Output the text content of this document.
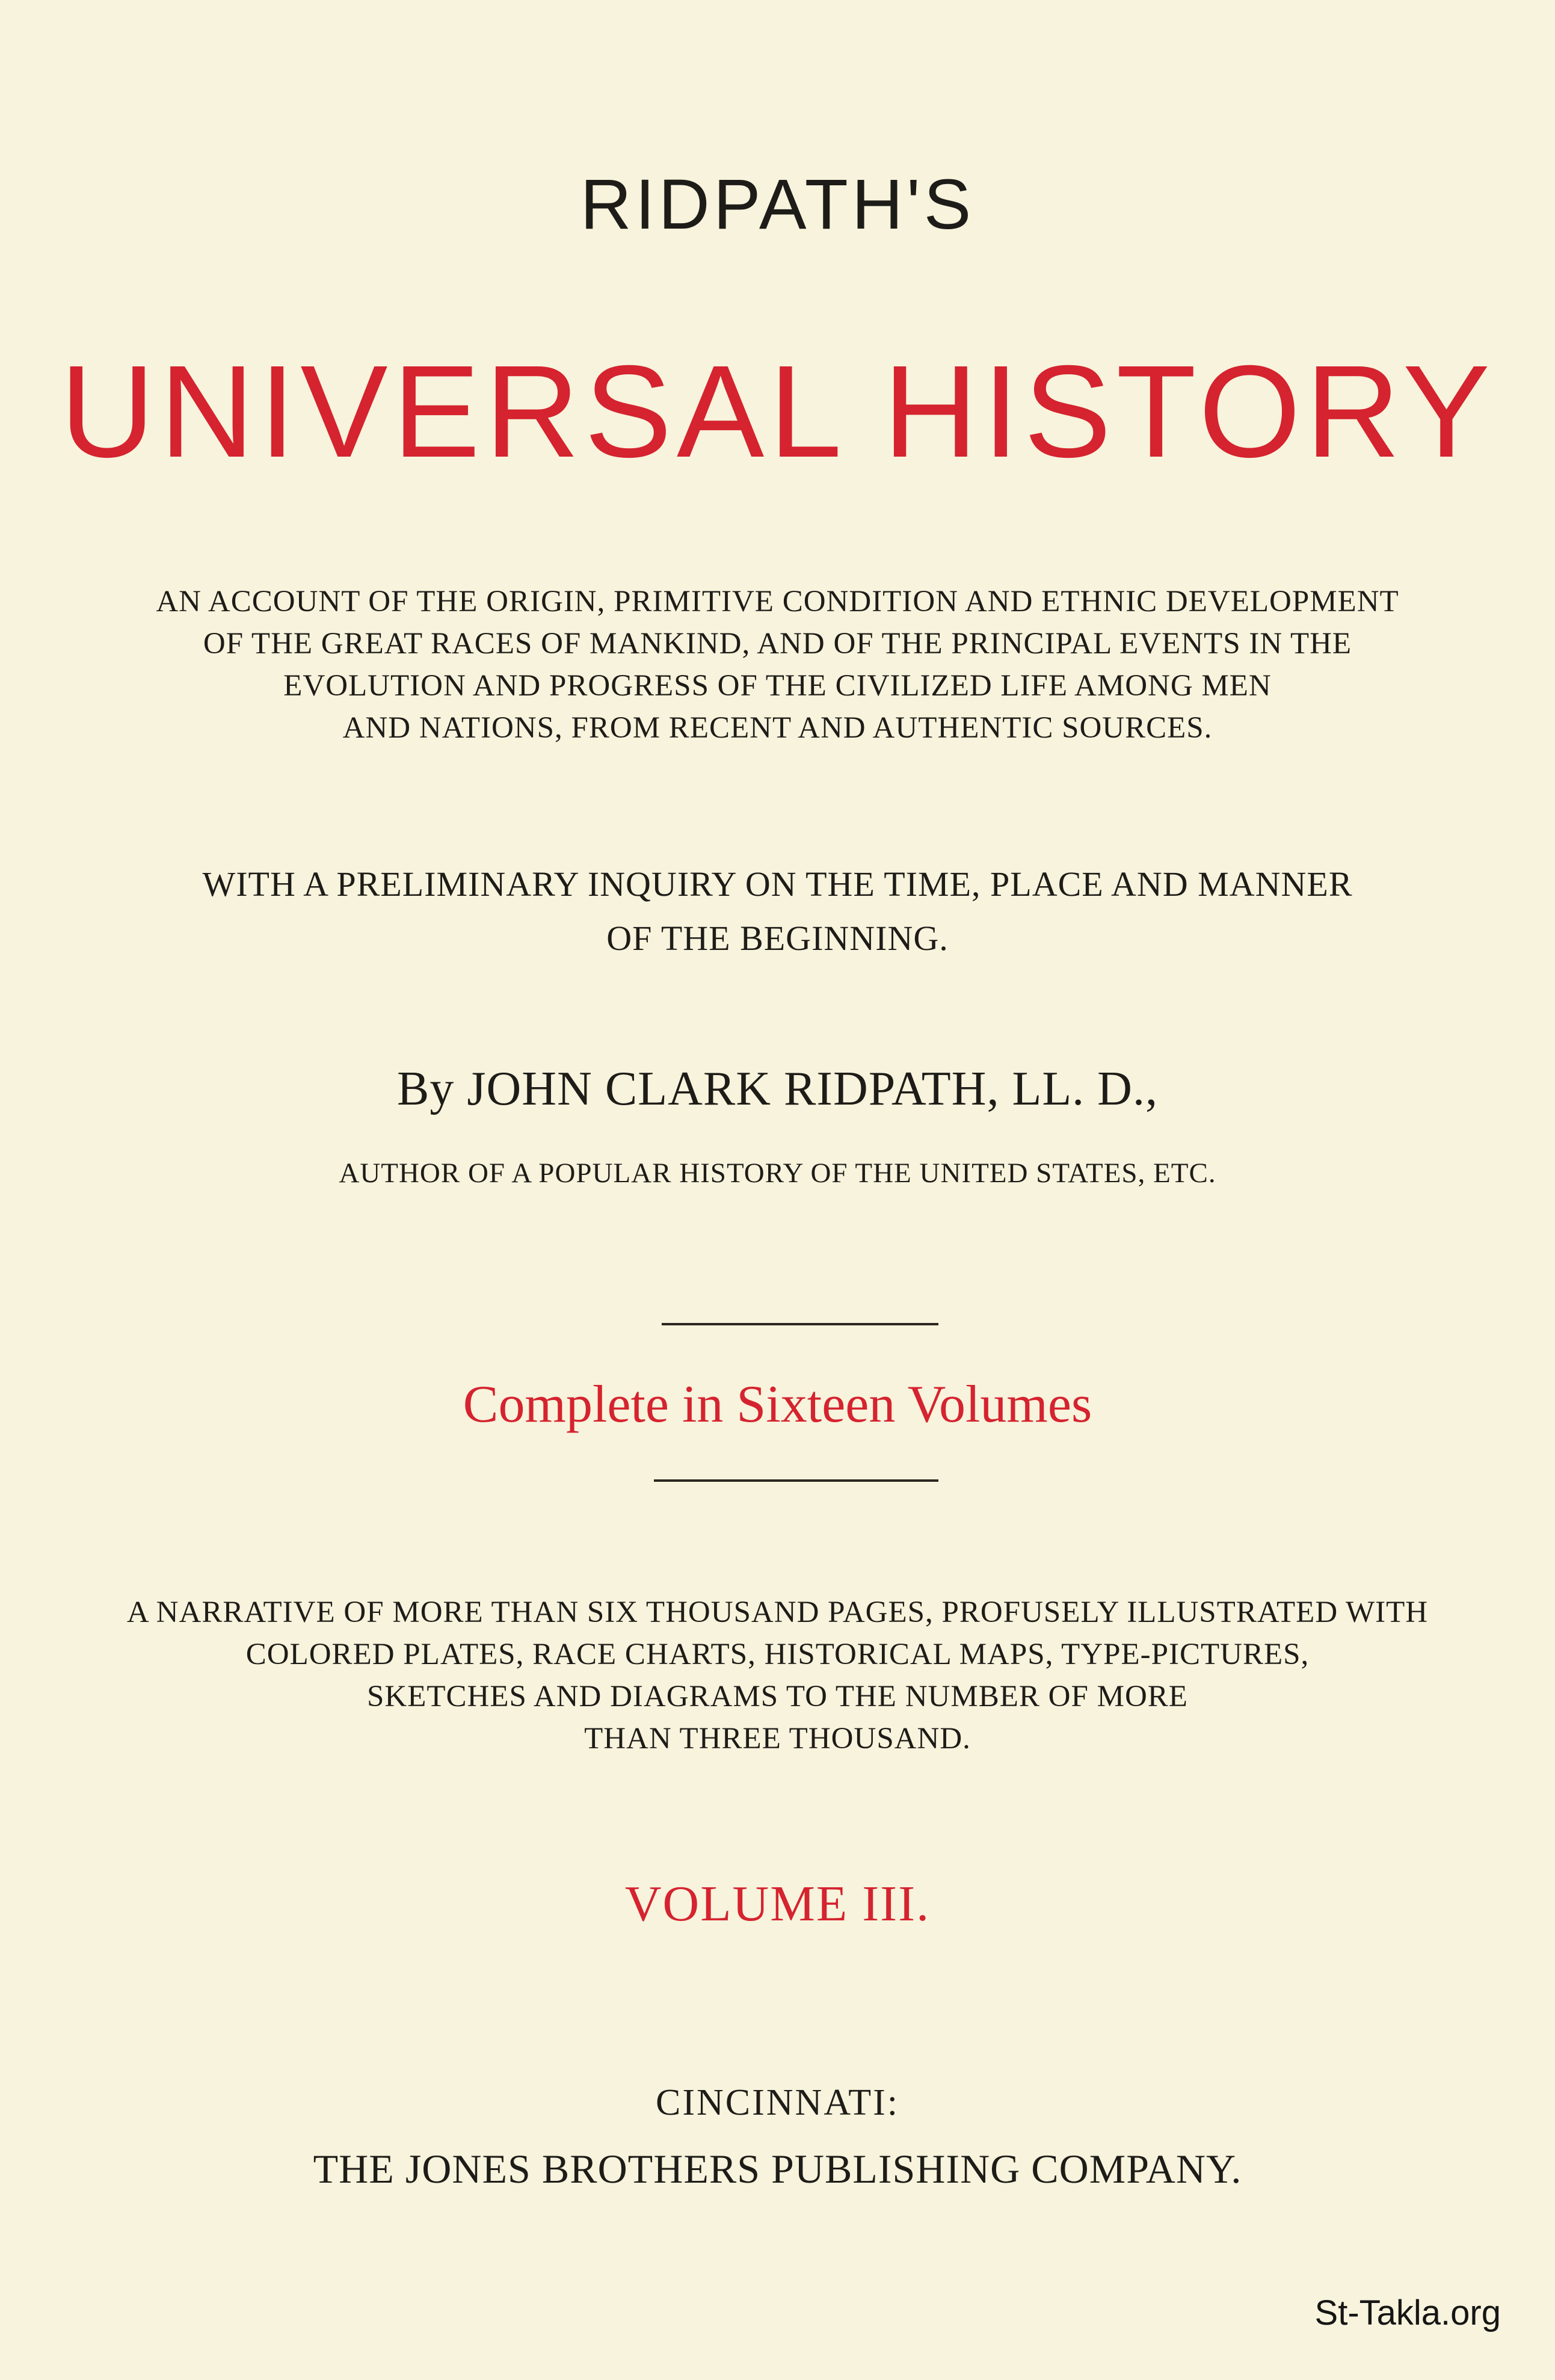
RIDPATH'S
UNIVERSAL HISTORY
AN ACCOUNT OF THE ORIGIN, PRIMITIVE CONDITION AND ETHNIC DEVELOPMENT
OF THE GREAT RACES OF MANKIND, AND OF THE PRINCIPAL EVENTS IN THE
EVOLUTION AND PROGRESS OF THE CIVILIZED LIFE AMONG MEN
AND NATIONS, FROM RECENT AND AUTHENTIC SOURCES.
WITH A PRELIMINARY INQUIRY ON THE TIME, PLACE AND MANNER
OF THE BEGINNING.
By JOHN CLARK RIDPATH, LL. D.,
AUTHOR OF A POPULAR HISTORY OF THE UNITED STATES, ETC.
Complete in Sixteen Volumes
A NARRATIVE OF MORE THAN SIX THOUSAND PAGES, PROFUSELY ILLUSTRATED WITH
COLORED PLATES, RACE CHARTS, HISTORICAL MAPS, TYPE-PICTURES,
SKETCHES AND DIAGRAMS TO THE NUMBER OF MORE
THAN THREE THOUSAND.
VOLUME III.
CINCINNATI:
THE JONES BROTHERS PUBLISHING COMPANY.
St-Takla.org
